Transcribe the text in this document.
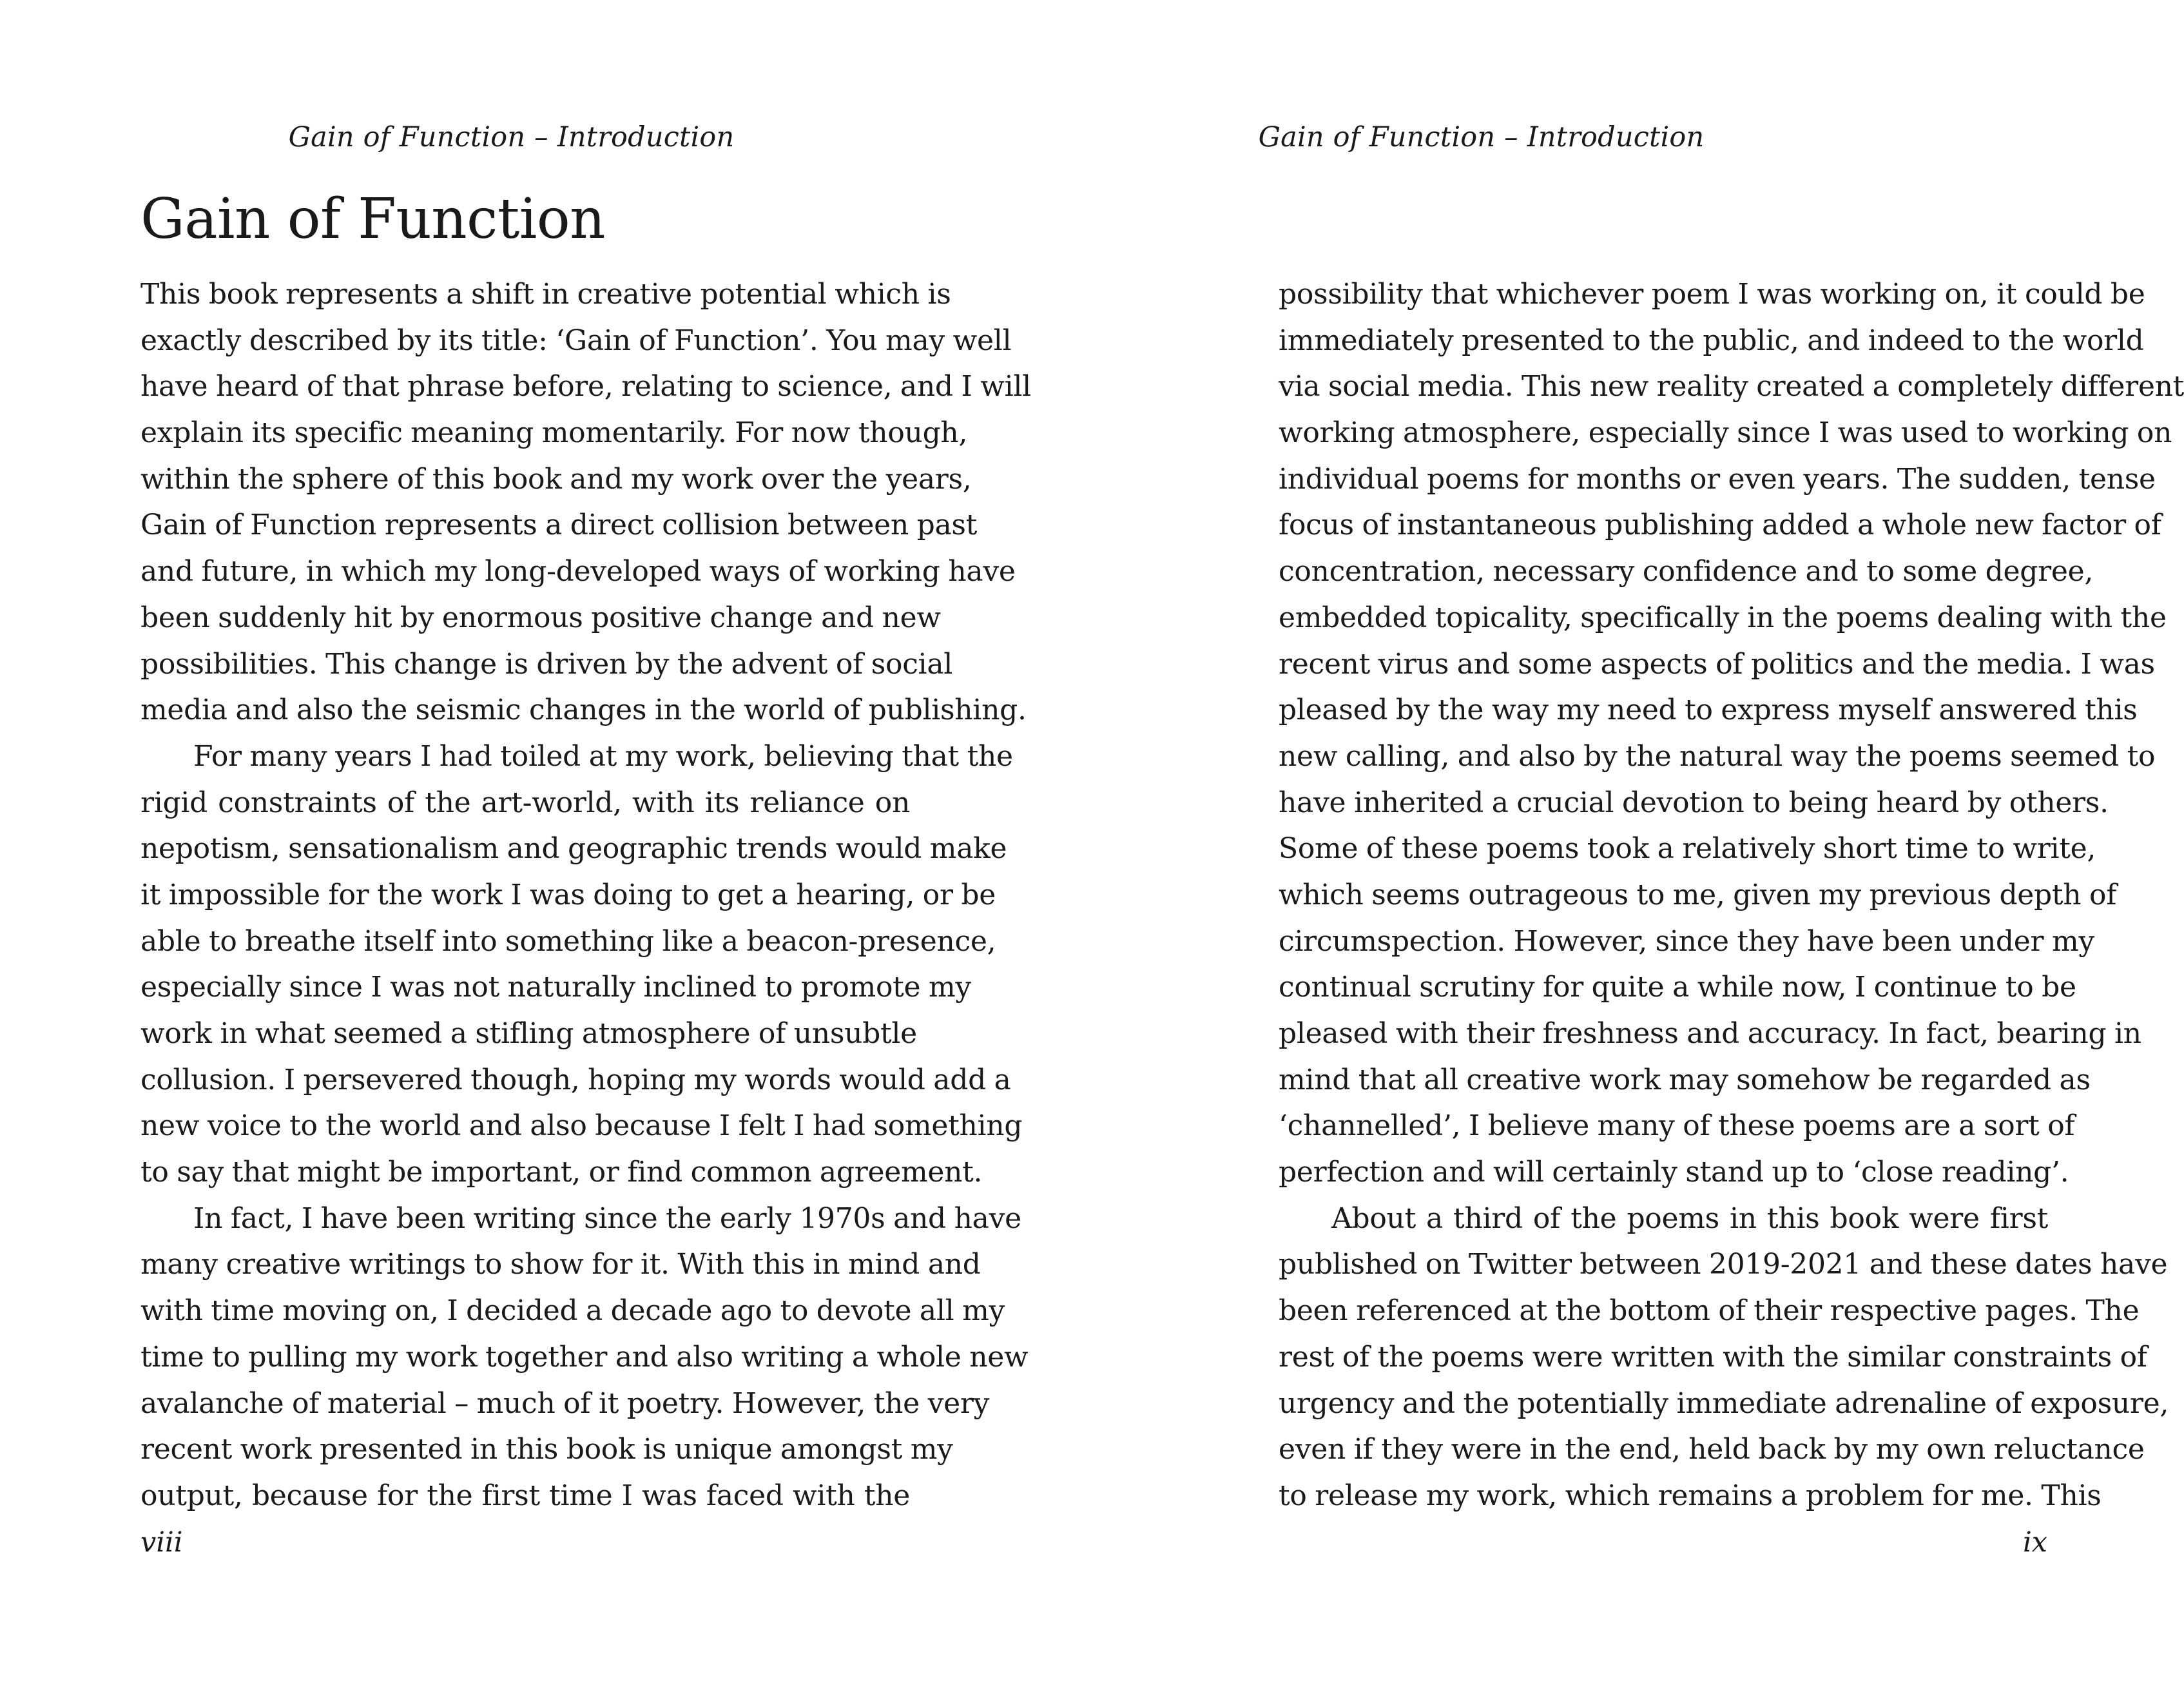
Gain of Function – Introduction
Gain of Function
This book represents a shift in creative potential which is
exactly described by its title: ‘Gain of Function’. You may well
have heard of that phrase before, relating to science, and I will
explain its specific meaning momentarily. For now though,
within the sphere of this book and my work over the years,
Gain of Function represents a direct collision between past
and future, in which my long-developed ways of working have
been suddenly hit by enormous positive change and new
possibilities. This change is driven by the advent of social
media and also the seismic changes in the world of publishing.
For many years I had toiled at my work, believing that the
rigid constraints of the art-world, with its reliance on
nepotism, sensationalism and geographic trends would make
it impossible for the work I was doing to get a hearing, or be
able to breathe itself into something like a beacon-presence,
especially since I was not naturally inclined to promote my
work in what seemed a stifling atmosphere of unsubtle
collusion. I persevered though, hoping my words would add a
new voice to the world and also because I felt I had something
to say that might be important, or find common agreement.
In fact, I have been writing since the early 1970s and have
many creative writings to show for it. With this in mind and
with time moving on, I decided a decade ago to devote all my
time to pulling my work together and also writing a whole new
avalanche of material – much of it poetry. However, the very
recent work presented in this book is unique amongst my
output, because for the first time I was faced with the
viii
Gain of Function – Introduction
possibility that whichever poem I was working on, it could be
immediately presented to the public, and indeed to the world
via social media. This new reality created a completely different
working atmosphere, especially since I was used to working on
individual poems for months or even years. The sudden, tense
focus of instantaneous publishing added a whole new factor of
concentration, necessary confidence and to some degree,
embedded topicality, specifically in the poems dealing with the
recent virus and some aspects of politics and the media. I was
pleased by the way my need to express myself answered this
new calling, and also by the natural way the poems seemed to
have inherited a crucial devotion to being heard by others.
Some of these poems took a relatively short time to write,
which seems outrageous to me, given my previous depth of
circumspection. However, since they have been under my
continual scrutiny for quite a while now, I continue to be
pleased with their freshness and accuracy. In fact, bearing in
mind that all creative work may somehow be regarded as
‘channelled’, I believe many of these poems are a sort of
perfection and will certainly stand up to ‘close reading’.
About a third of the poems in this book were first
published on Twitter between 2019-2021 and these dates have
been referenced at the bottom of their respective pages. The
rest of the poems were written with the similar constraints of
urgency and the potentially immediate adrenaline of exposure,
even if they were in the end, held back by my own reluctance
to release my work, which remains a problem for me. This
ix
